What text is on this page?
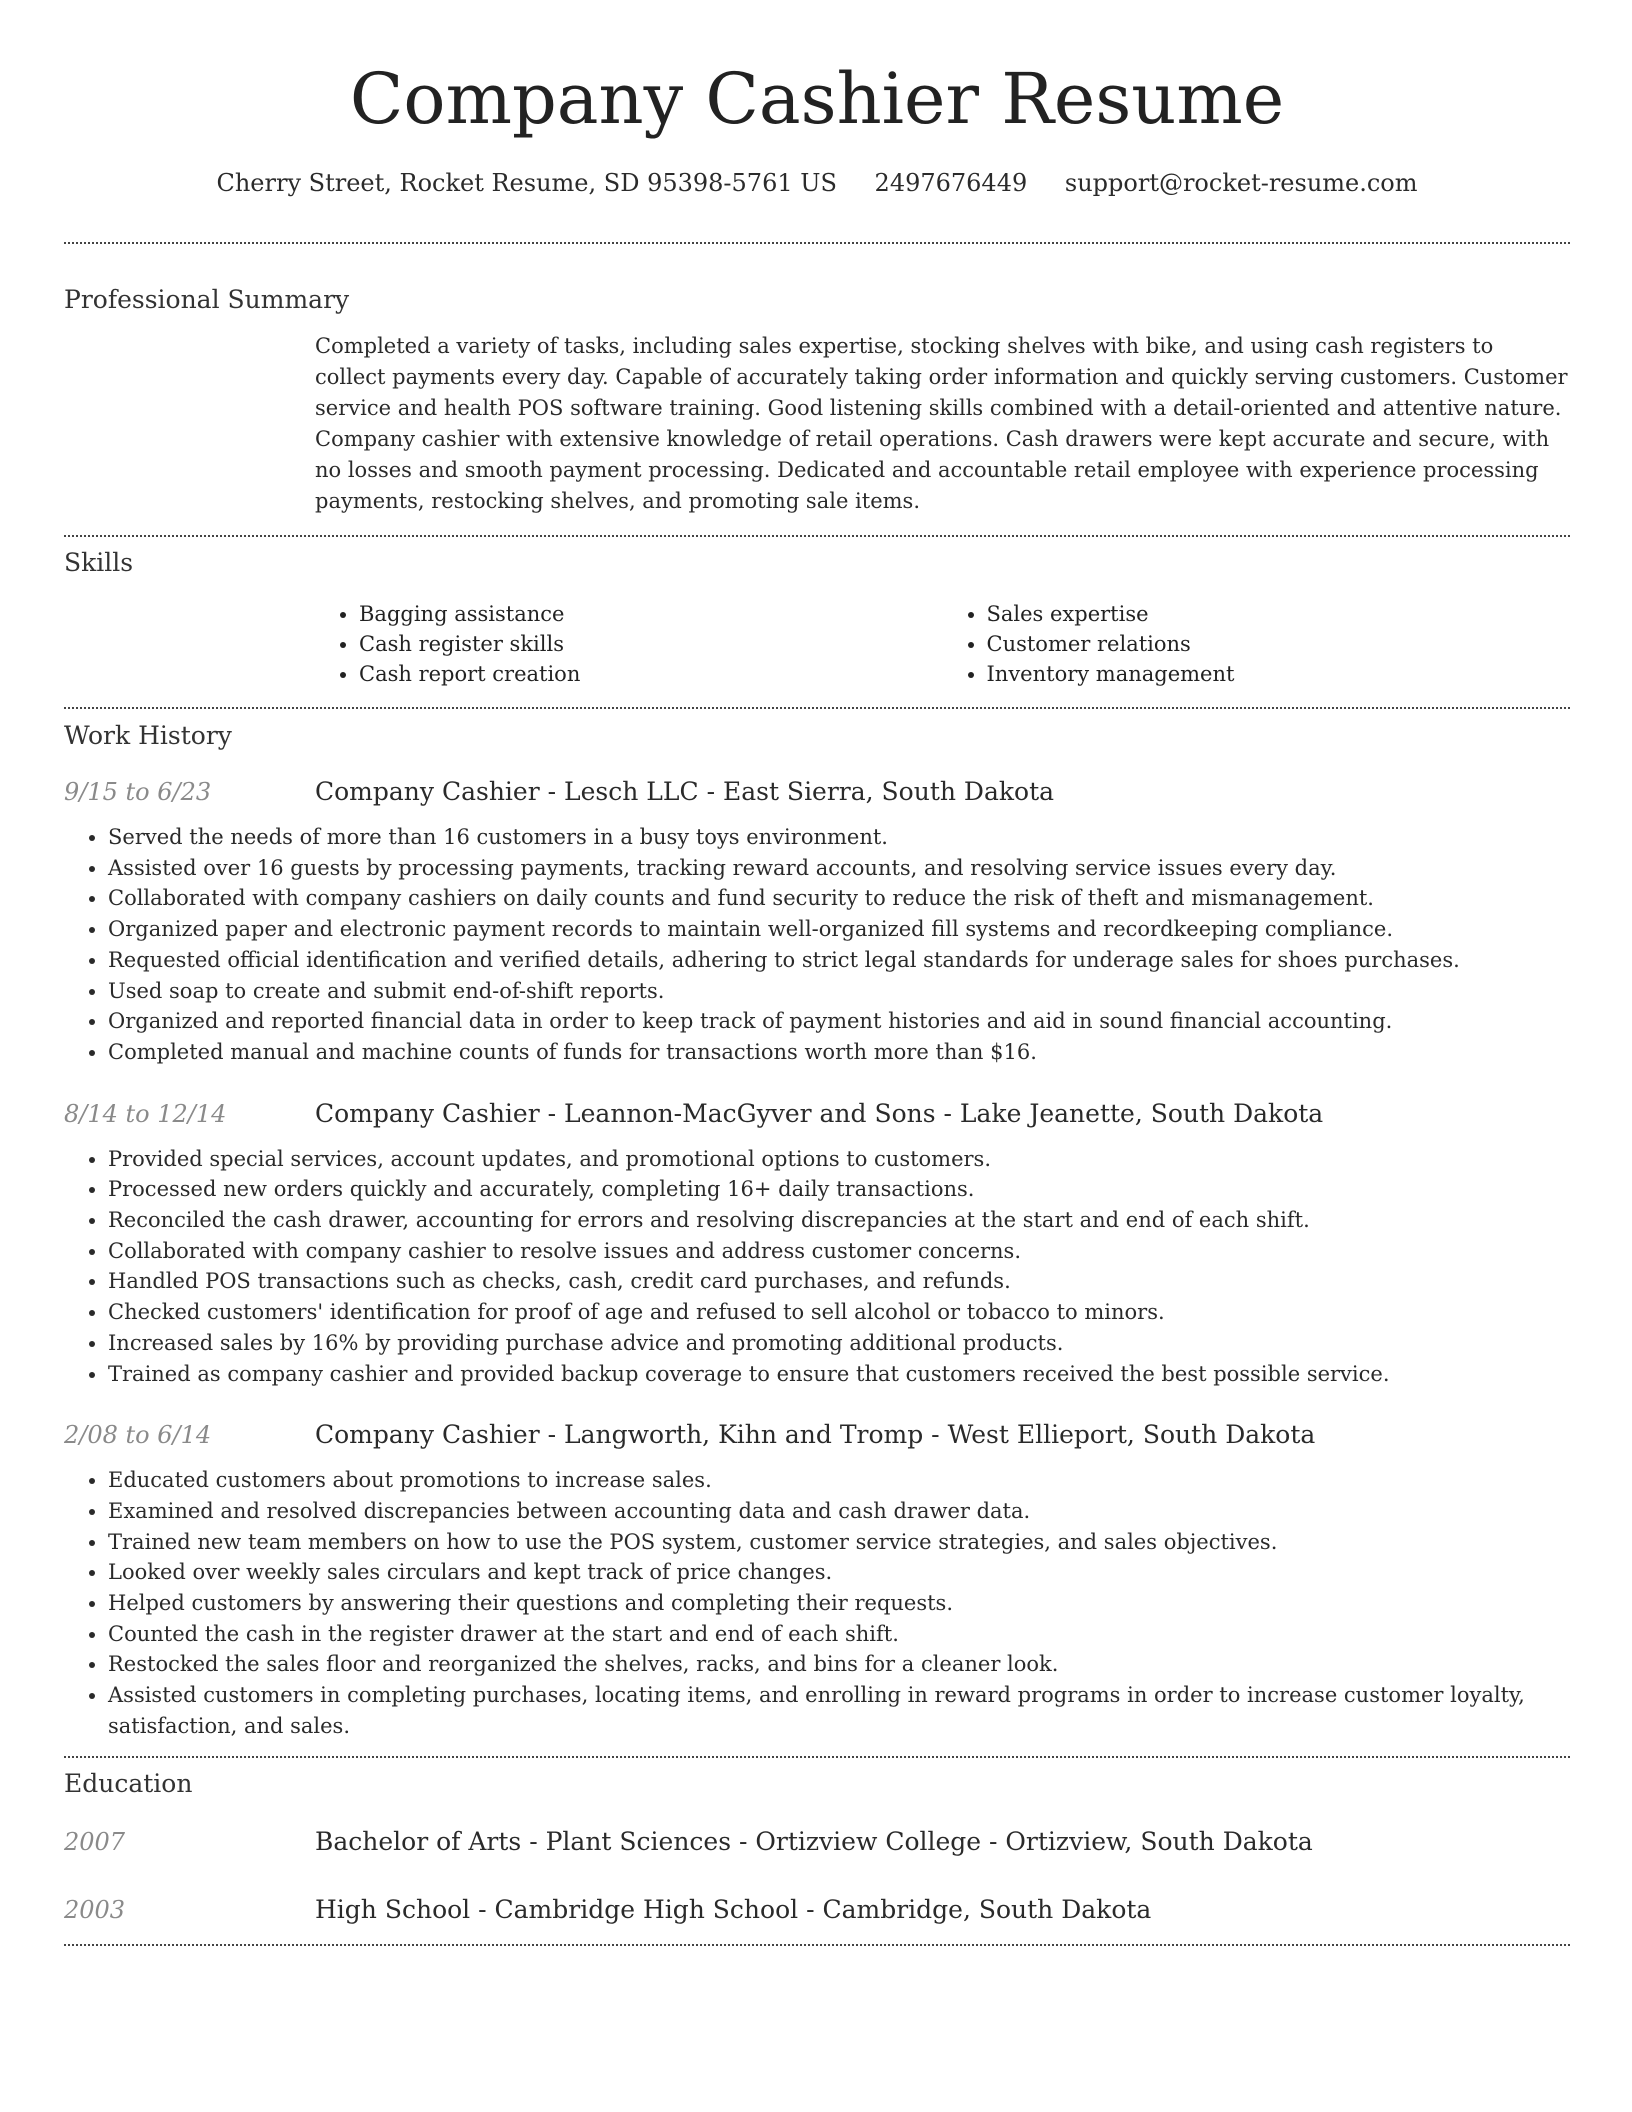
Company Cashier Resume
Cherry Street, Rocket Resume, SD 95398-5761 US 2497676449 support@rocket-resume.com
Professional Summary
Completed a variety of tasks, including sales expertise, stocking shelves with bike, and using cash registers to collect payments every day. Capable of accurately taking order information and quickly serving customers. Customer service and health POS software training. Good listening skills combined with a detail-oriented and attentive nature. Company cashier with extensive knowledge of retail operations. Cash drawers were kept accurate and secure, with no losses and smooth payment processing. Dedicated and accountable retail employee with experience processing payments, restocking shelves, and promoting sale items.
Skills
• Bagging assistance
• Cash register skills
• Cash report creation
• Sales expertise
• Customer relations
• Inventory management
Work History
9/15 to 6/23	Company Cashier - Lesch LLC - East Sierra, South Dakota
• Served the needs of more than 16 customers in a busy toys environment.
• Assisted over 16 guests by processing payments, tracking reward accounts, and resolving service issues every day.
• Collaborated with company cashiers on daily counts and fund security to reduce the risk of theft and mismanagement.
• Organized paper and electronic payment records to maintain well-organized fill systems and recordkeeping compliance.
• Requested official identification and verified details, adhering to strict legal standards for underage sales for shoes purchases.
• Used soap to create and submit end-of-shift reports.
• Organized and reported financial data in order to keep track of payment histories and aid in sound financial accounting.
• Completed manual and machine counts of funds for transactions worth more than $16.
8/14 to 12/14	Company Cashier - Leannon-MacGyver and Sons - Lake Jeanette, South Dakota
• Provided special services, account updates, and promotional options to customers.
• Processed new orders quickly and accurately, completing 16+ daily transactions.
• Reconciled the cash drawer, accounting for errors and resolving discrepancies at the start and end of each shift.
• Collaborated with company cashier to resolve issues and address customer concerns.
• Handled POS transactions such as checks, cash, credit card purchases, and refunds.
• Checked customers' identification for proof of age and refused to sell alcohol or tobacco to minors.
• Increased sales by 16% by providing purchase advice and promoting additional products.
• Trained as company cashier and provided backup coverage to ensure that customers received the best possible service.
2/08 to 6/14	Company Cashier - Langworth, Kihn and Tromp - West Ellieport, South Dakota
• Educated customers about promotions to increase sales.
• Examined and resolved discrepancies between accounting data and cash drawer data.
• Trained new team members on how to use the POS system, customer service strategies, and sales objectives.
• Looked over weekly sales circulars and kept track of price changes.
• Helped customers by answering their questions and completing their requests.
• Counted the cash in the register drawer at the start and end of each shift.
• Restocked the sales floor and reorganized the shelves, racks, and bins for a cleaner look.
• Assisted customers in completing purchases, locating items, and enrolling in reward programs in order to increase customer loyalty, satisfaction, and sales.
Education
2007	Bachelor of Arts - Plant Sciences - Ortizview College - Ortizview, South Dakota
2003	High School - Cambridge High School - Cambridge, South Dakota
